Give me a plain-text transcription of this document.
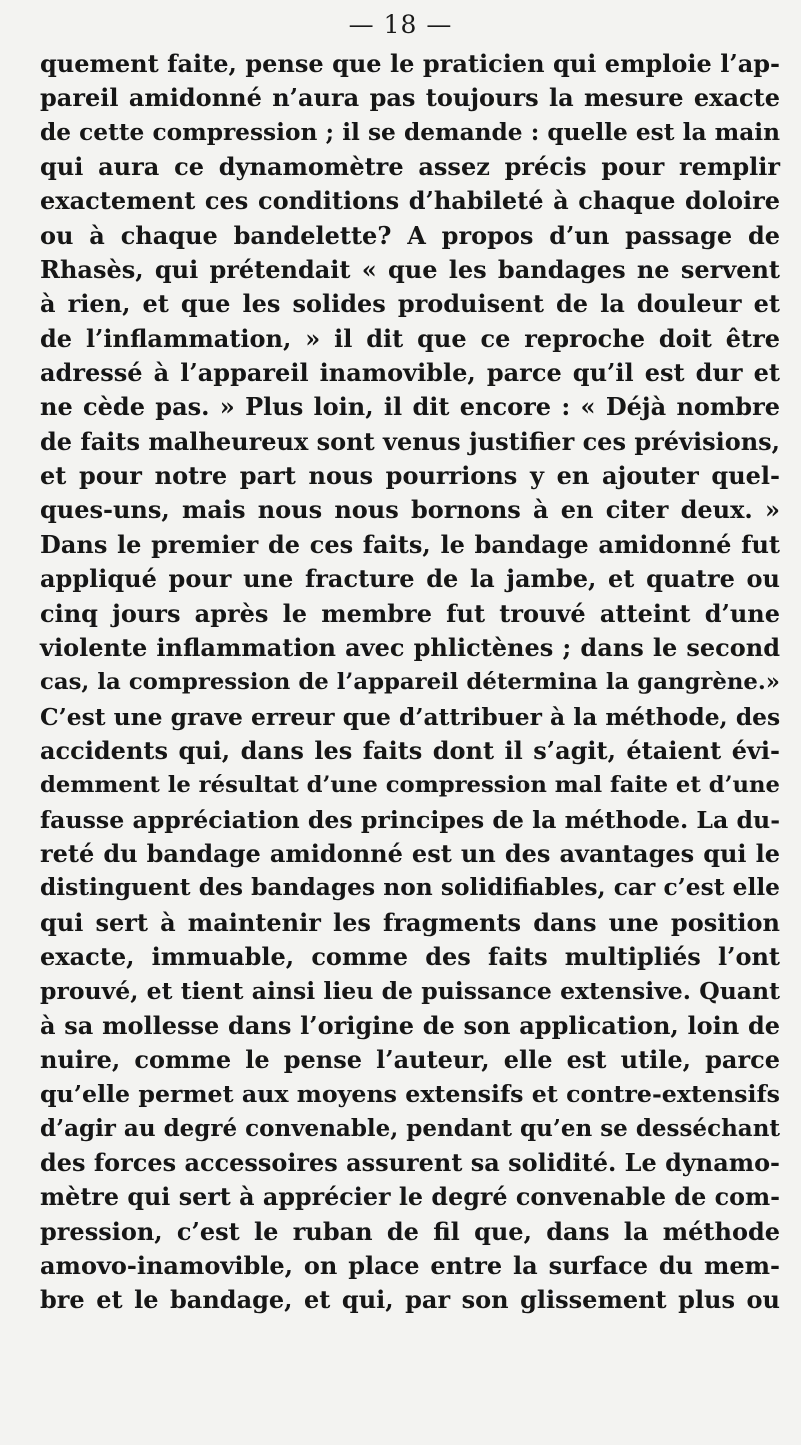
— 18 —
quement faite, pense que le praticien qui emploie l’ap-
pareil amidonné n’aura pas toujours la mesure exacte
de cette compression ; il se demande : quelle est la main
qui aura ce dynamomètre assez précis pour remplir
exactement ces conditions d’habileté à chaque doloire
ou à chaque bandelette? A propos d’un passage de
Rhasès, qui prétendait « que les bandages ne servent
à rien, et que les solides produisent de la douleur et
de l’inflammation, » il dit que ce reproche doit être
adressé à l’appareil inamovible, parce qu’il est dur et
ne cède pas. » Plus loin, il dit encore : « Déjà nombre
de faits malheureux sont venus justifier ces prévisions,
et pour notre part nous pourrions y en ajouter quel-
ques-uns, mais nous nous bornons à en citer deux. »
Dans le premier de ces faits, le bandage amidonné fut
appliqué pour une fracture de la jambe, et quatre ou
cinq jours après le membre fut trouvé atteint d’une
violente inflammation avec phlictènes ; dans le second
cas, la compression de l’appareil détermina la gangrène.»
C’est une grave erreur que d’attribuer à la méthode, des
accidents qui, dans les faits dont il s’agit, étaient évi-
demment le résultat d’une compression mal faite et d’une
fausse appréciation des principes de la méthode. La du-
reté du bandage amidonné est un des avantages qui le
distinguent des bandages non solidifiables, car c’est elle
qui sert à maintenir les fragments dans une position
exacte, immuable, comme des faits multipliés l’ont
prouvé, et tient ainsi lieu de puissance extensive. Quant
à sa mollesse dans l’origine de son application, loin de
nuire, comme le pense l’auteur, elle est utile, parce
qu’elle permet aux moyens extensifs et contre-extensifs
d’agir au degré convenable, pendant qu’en se desséchant
des forces accessoires assurent sa solidité. Le dynamo-
mètre qui sert à apprécier le degré convenable de com-
pression, c’est le ruban de fil que, dans la méthode
amovo-inamovible, on place entre la surface du mem-
bre et le bandage, et qui, par son glissement plus ou
